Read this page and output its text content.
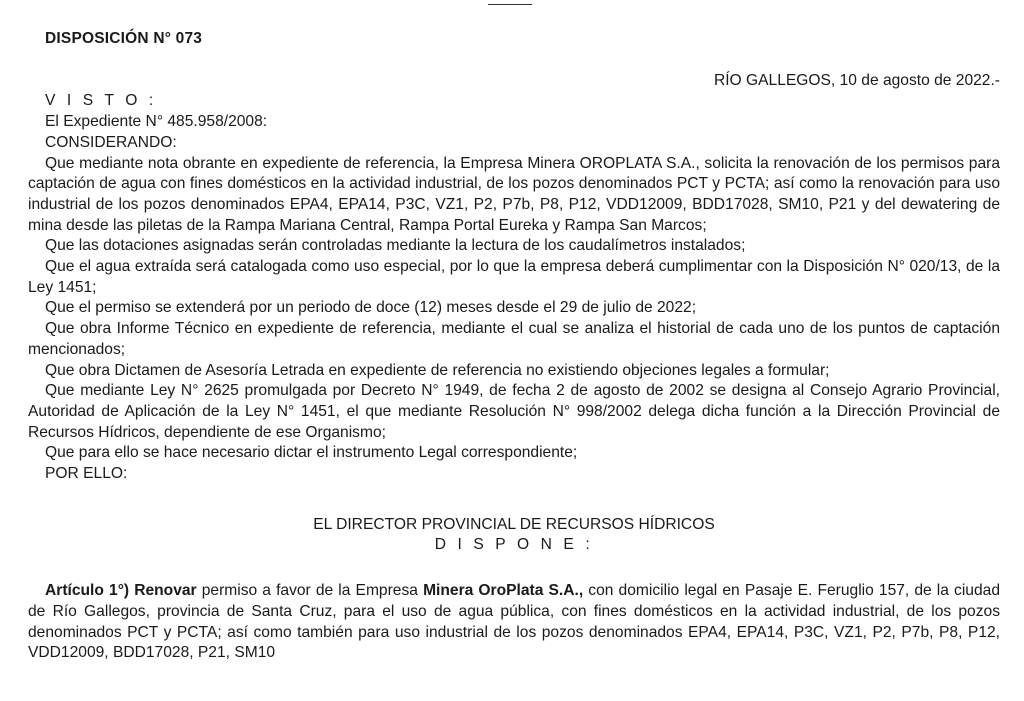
DISPOSICIÓN N° 073
RÍO GALLEGOS, 10 de agosto de 2022.-
V I S T O :
El Expediente N° 485.958/2008:
CONSIDERANDO:

Que mediante nota obrante en expediente de referencia, la Empresa Minera OROPLATA S.A., solicita la renovación de los permisos para captación de agua con fines domésticos en la actividad industrial, de los pozos denominados PCT y PCTA; así como la renovación para uso industrial de los pozos denominados EPA4, EPA14, P3C, VZ1, P2, P7b, P8, P12, VDD12009, BDD17028, SM10, P21 y del dewatering de mina desde las piletas de la Rampa Mariana Central, Rampa Portal Eureka y Rampa San Marcos;

Que las dotaciones asignadas serán controladas mediante la lectura de los caudalímetros instalados;

Que el agua extraída será catalogada como uso especial, por lo que la empresa deberá cumplimentar con la Disposición N° 020/13, de la Ley 1451;

Que el permiso se extenderá por un periodo de doce (12) meses desde el 29 de julio de 2022;

Que obra Informe Técnico en expediente de referencia, mediante el cual se analiza el historial de cada uno de los puntos de captación mencionados;

Que obra Dictamen de Asesoría Letrada en expediente de referencia no existiendo objeciones legales a formular;

Que mediante Ley N° 2625 promulgada por Decreto N° 1949, de fecha 2 de agosto de 2002 se designa al Consejo Agrario Provincial, Autoridad de Aplicación de la Ley N° 1451, el que mediante Resolución N° 998/2002 delega dicha función a la Dirección Provincial de Recursos Hídricos, dependiente de ese Organismo;

Que para ello se hace necesario dictar el instrumento Legal correspondiente;

POR ELLO:
EL DIRECTOR PROVINCIAL DE RECURSOS HÍDRICOS
D I S P O N E :

Artículo 1°) Renovar permiso a favor de la Empresa Minera OroPlata S.A., con domicilio legal en Pasaje E. Feruglio 157, de la ciudad de Río Gallegos, provincia de Santa Cruz, para el uso de agua pública, con fines domésticos en la actividad industrial, de los pozos denominados PCT y PCTA; así como también para uso industrial de los pozos denominados EPA4, EPA14, P3C, VZ1, P2, P7b, P8, P12, VDD12009, BDD17028, P21, SM10
